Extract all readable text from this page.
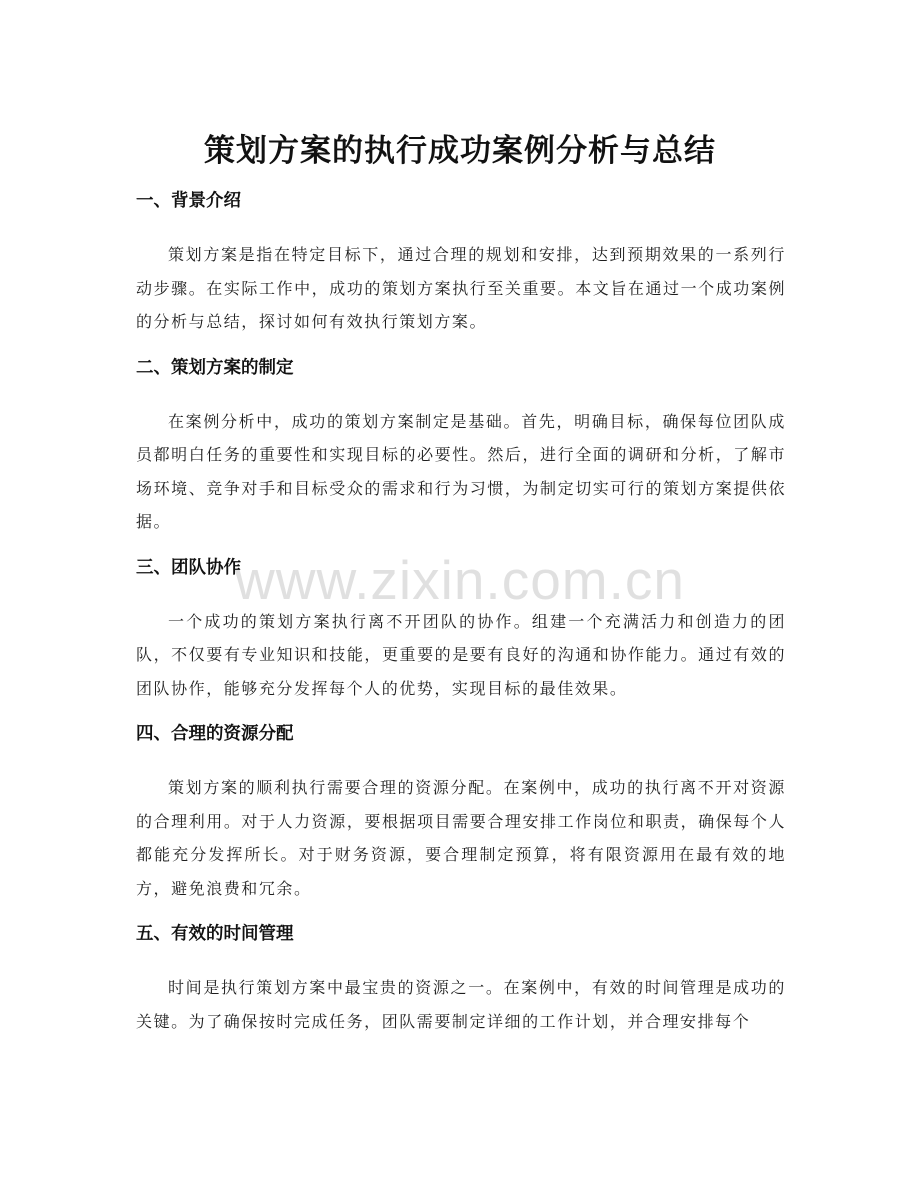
策划方案的执行成功案例分析与总结
www.zixin.com.cn
一、背景介绍

策划方案是指在特定目标下，通过合理的规划和安排，达到预期效果的一系列行动步骤。在实际工作中，成功的策划方案执行至关重要。本文旨在通过一个成功案例的分析与总结，探讨如何有效执行策划方案。

二、策划方案的制定

在案例分析中，成功的策划方案制定是基础。首先，明确目标，确保每位团队成员都明白任务的重要性和实现目标的必要性。然后，进行全面的调研和分析，了解市场环境、竞争对手和目标受众的需求和行为习惯，为制定切实可行的策划方案提供依据。

三、团队协作

一个成功的策划方案执行离不开团队的协作。组建一个充满活力和创造力的团队，不仅要有专业知识和技能，更重要的是要有良好的沟通和协作能力。通过有效的团队协作，能够充分发挥每个人的优势，实现目标的最佳效果。

四、合理的资源分配

策划方案的顺利执行需要合理的资源分配。在案例中，成功的执行离不开对资源的合理利用。对于人力资源，要根据项目需要合理安排工作岗位和职责，确保每个人都能充分发挥所长。对于财务资源，要合理制定预算，将有限资源用在最有效的地方，避免浪费和冗余。

五、有效的时间管理

时间是执行策划方案中最宝贵的资源之一。在案例中，有效的时间管理是成功的关键。为了确保按时完成任务，团队需要制定详细的工作计划，并合理安排每个
